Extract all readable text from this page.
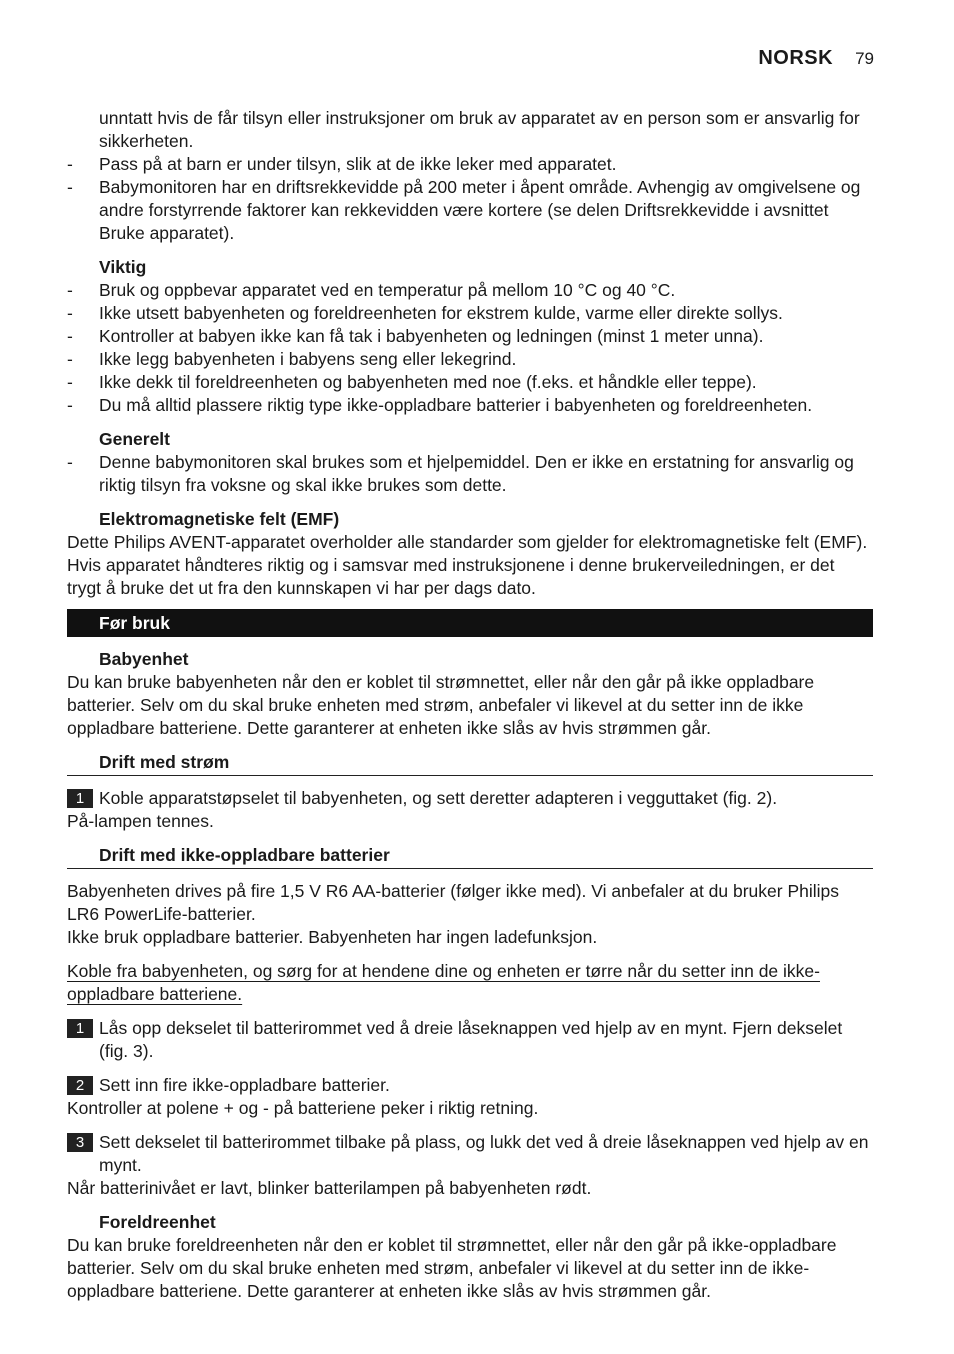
NORSK 79

unntatt hvis de får tilsyn eller instruksjoner om bruk av apparatet av en person som er ansvarlig for sikkerheten.

- Pass på at barn er under tilsyn, slik at de ikke leker med apparatet.
- Babymonitoren har en driftsrekkevidde på 200 meter i åpent område. Avhengig av omgivelsene og andre forstyrrende faktorer kan rekkevidden være kortere (se delen Driftsrekkevidde i avsnittet Bruke apparatet).

Viktig

- Bruk og oppbevar apparatet ved en temperatur på mellom 10 °C og 40 °C.
- Ikke utsett babyenheten og foreldreenheten for ekstrem kulde, varme eller direkte sollys.
- Kontroller at babyen ikke kan få tak i babyenheten og ledningen (minst 1 meter unna).
- Ikke legg babyenheten i babyens seng eller lekegrind.
- Ikke dekk til foreldreenheten og babyenheten med noe (f.eks. et håndkle eller teppe).
- Du må alltid plassere riktig type ikke-oppladbare batterier i babyenheten og foreldreenheten.

Generelt

- Denne babymonitoren skal brukes som et hjelpemiddel. Den er ikke en erstatning for ansvarlig og riktig tilsyn fra voksne og skal ikke brukes som dette.

Elektromagnetiske felt (EMF)

Dette Philips AVENT-apparatet overholder alle standarder som gjelder for elektromagnetiske felt (EMF). Hvis apparatet håndteres riktig og i samsvar med instruksjonene i denne brukerveiledningen, er det trygt å bruke det ut fra den kunnskapen vi har per dags dato.

Før bruk

Babyenhet

Du kan bruke babyenheten når den er koblet til strømnettet, eller når den går på ikke oppladbare batterier. Selv om du skal bruke enheten med strøm, anbefaler vi likevel at du setter inn de ikke oppladbare batteriene. Dette garanterer at enheten ikke slås av hvis strømmen går.

Drift med strøm

1 Koble apparatstøpselet til babyenheten, og sett deretter adapteren i vegguttaket (fig. 2).

På-lampen tennes.

Drift med ikke-oppladbare batterier

Babyenheten drives på fire 1,5 V R6 AA-batterier (følger ikke med). Vi anbefaler at du bruker Philips LR6 PowerLife-batterier.

Ikke bruk oppladbare batterier. Babyenheten har ingen ladefunksjon.

Koble fra babyenheten, og sørg for at hendene dine og enheten er tørre når du setter inn de ikke-oppladbare batteriene.

1 Lås opp dekselet til batterirommet ved å dreie låseknappen ved hjelp av en mynt. Fjern dekselet (fig. 3).
2 Sett inn fire ikke-oppladbare batterier.

Kontroller at polene + og - på batteriene peker i riktig retning.

3 Sett dekselet til batterirommet tilbake på plass, og lukk det ved å dreie låseknappen ved hjelp av en mynt.

Når batterinivået er lavt, blinker batterilampen på babyenheten rødt.

Foreldreenhet

Du kan bruke foreldreenheten når den er koblet til strømnettet, eller når den går på ikke-oppladbare batterier. Selv om du skal bruke enheten med strøm, anbefaler vi likevel at du setter inn de ikke-oppladbare batteriene. Dette garanterer at enheten ikke slås av hvis strømmen går.
